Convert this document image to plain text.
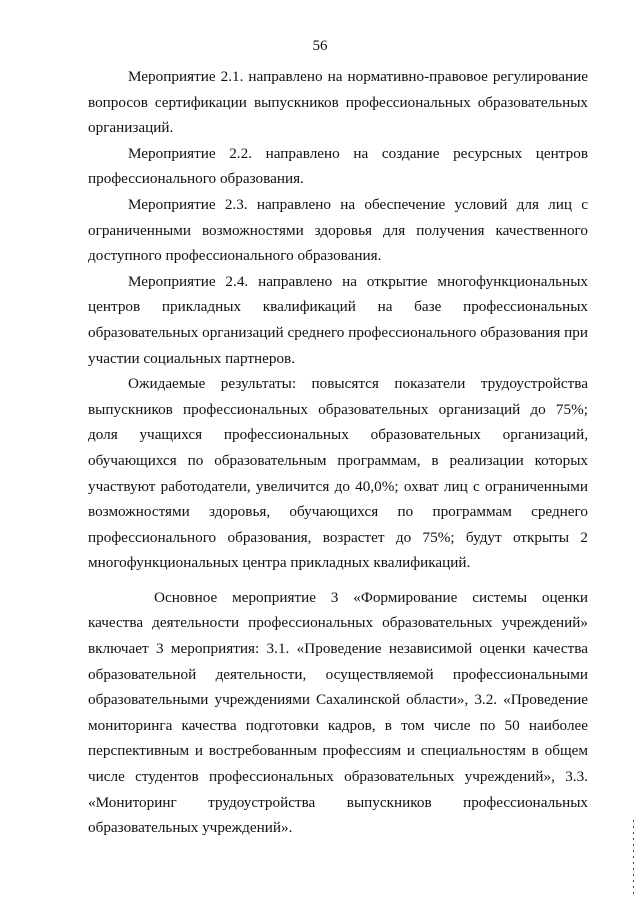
56

Мероприятие 2.1. направлено на нормативно-правовое регулирование вопросов сертификации выпускников профессиональных образовательных организаций.

Мероприятие 2.2. направлено на создание ресурсных центров профессионального образования.

Мероприятие 2.3. направлено на обеспечение условий для лиц с ограниченными возможностями здоровья для получения качественного доступного профессионального образования.

Мероприятие 2.4. направлено на открытие многофункциональных центров прикладных квалификаций на базе профессиональных образовательных организаций среднего профессионального образования при участии социальных партнеров.

Ожидаемые результаты: повысятся показатели трудоустройства выпускников профессиональных образовательных организаций до 75%; доля учащихся профессиональных образовательных организаций, обучающихся по образовательным программам, в реализации которых участвуют работодатели, увеличится до 40,0%; охват лиц с ограниченными возможностями здоровья, обучающихся по программам среднего профессионального образования, возрастет до 75%; будут открыты 2 многофункциональных центра прикладных квалификаций.

Основное мероприятие 3 «Формирование системы оценки качества деятельности профессиональных образовательных учреждений» включает 3 мероприятия: 3.1. «Проведение независимой оценки качества образовательной деятельности, осуществляемой профессиональными образовательными учреждениями Сахалинской области», 3.2. «Проведение мониторинга качества подготовки кадров, в том числе по 50 наиболее перспективным и востребованным профессиям и специальностям в общем числе студентов профессиональных образовательных учреждений», 3.3. «Мониторинг трудоустройства выпускников профессиональных образовательных учреждений».
